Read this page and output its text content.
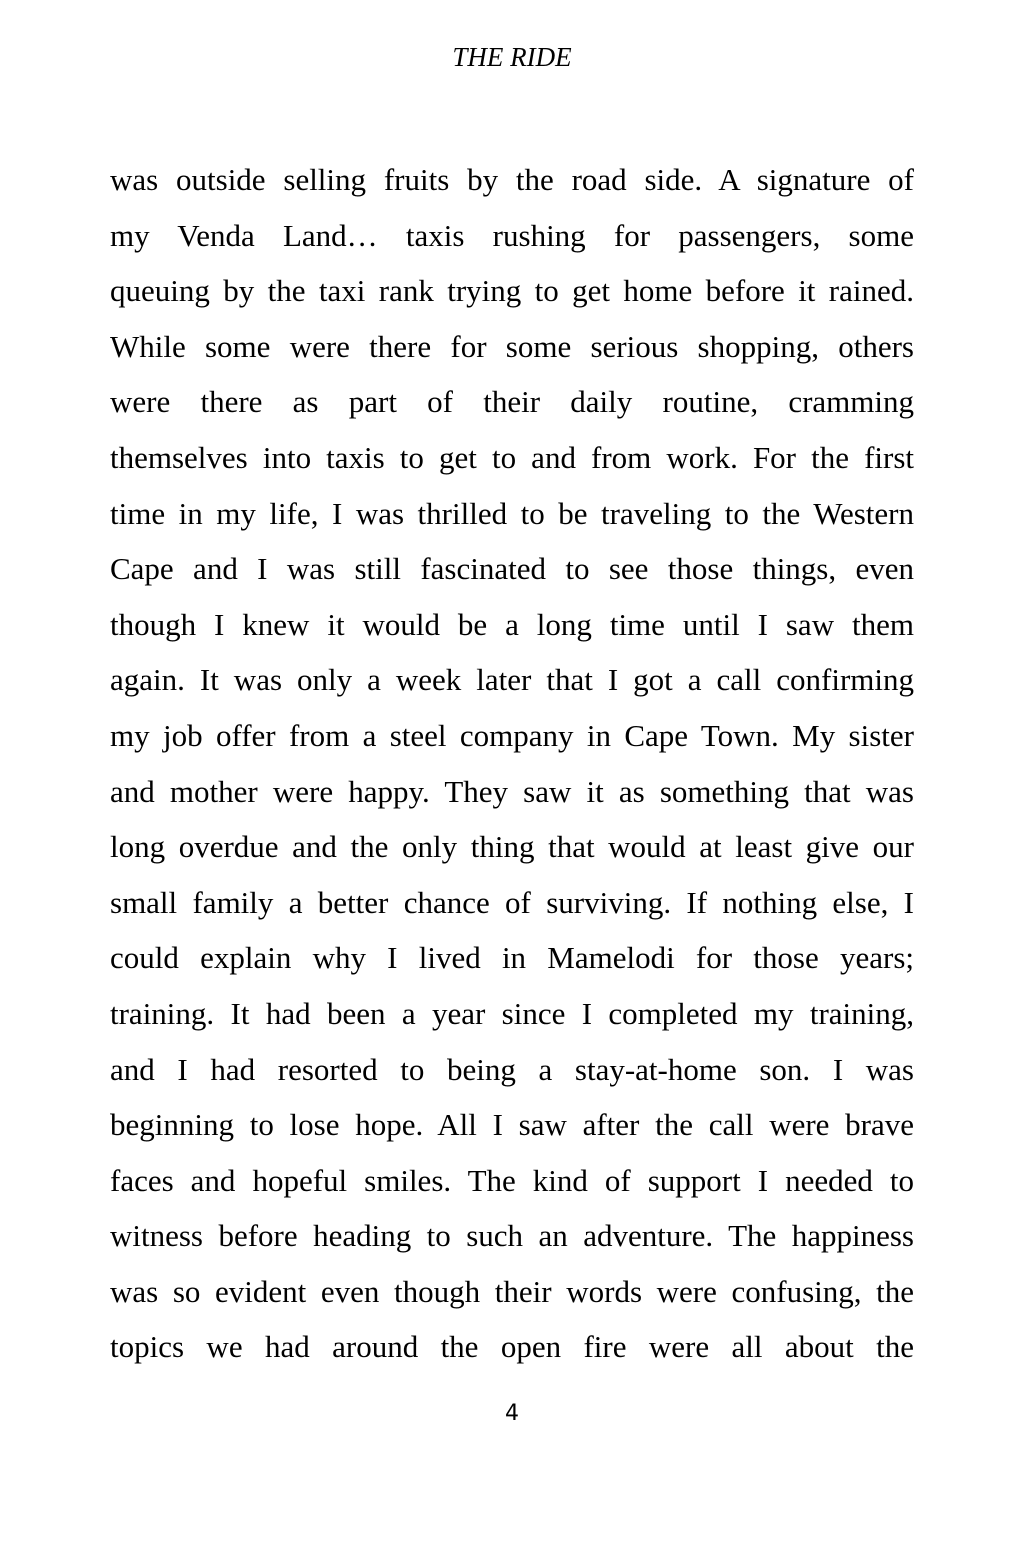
THE RIDE
was outside selling fruits by the road side. A signature of
my Venda Land… taxis rushing for passengers, some
queuing by the taxi rank trying to get home before it rained.
While some were there for some serious shopping, others
were there as part of their daily routine, cramming
themselves into taxis to get to and from work. For the first
time in my life, I was thrilled to be traveling to the Western
Cape and I was still fascinated to see those things, even
though I knew it would be a long time until I saw them
again. It was only a week later that I got a call confirming
my job offer from a steel company in Cape Town. My sister
and mother were happy. They saw it as something that was
long overdue and the only thing that would at least give our
small family a better chance of surviving. If nothing else, I
could explain why I lived in Mamelodi for those years;
training. It had been a year since I completed my training,
and I had resorted to being a stay-at-home son. I was
beginning to lose hope. All I saw after the call were brave
faces and hopeful smiles. The kind of support I needed to
witness before heading to such an adventure. The happiness
was so evident even though their words were confusing, the
topics we had around the open fire were all about the
4
